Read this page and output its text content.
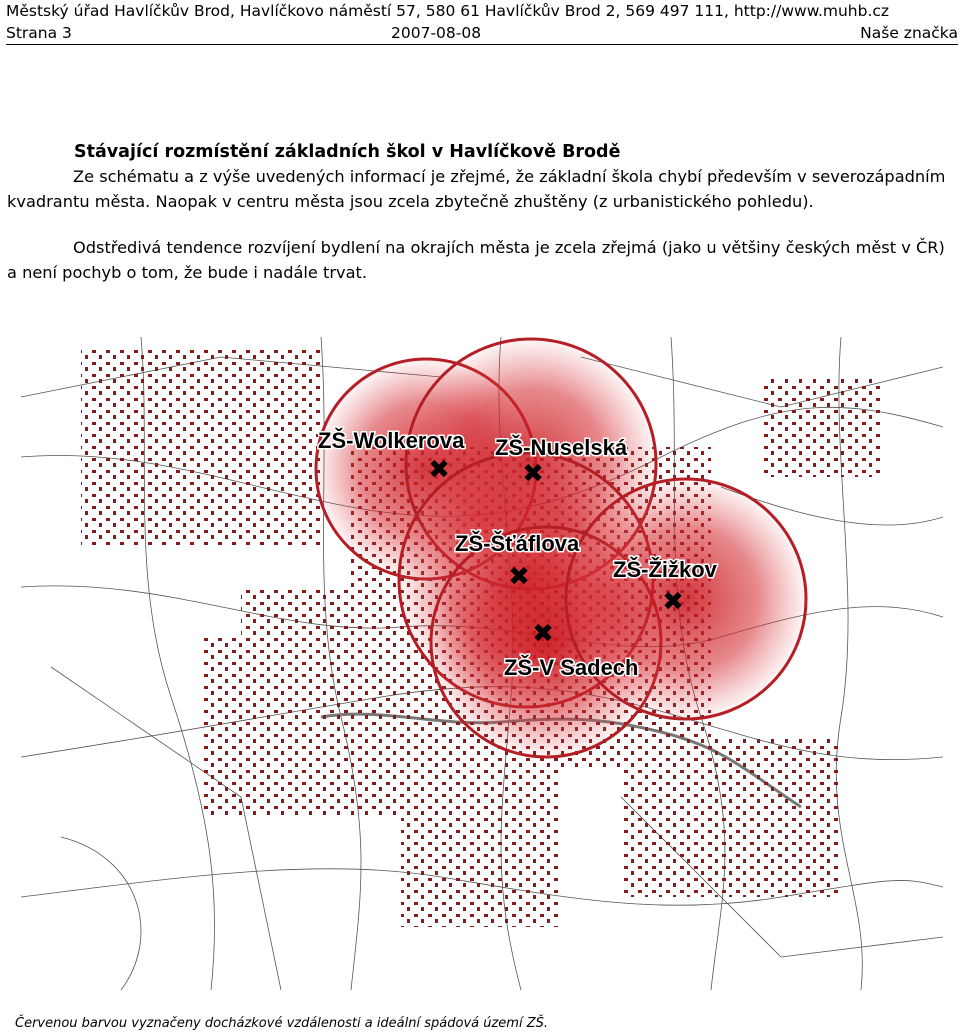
Městský úřad Havlíčkův Brod, Havlíčkovo náměstí 57, 580 61 Havlíčkův Brod 2, 569 497 111, http://www.muhb.cz
Strana 3	2007-08-08	Naše značka
Stávající rozmístění základních škol v Havlíčkově Brodě

Ze schématu a z výše uvedených informací je zřejmé, že základní škola chybí především v severozápadním kvadrantu města. Naopak v centru města jsou zcela zbytečně zhuštěny (z urbanistického pohledu).

Odstředivá tendence rozvíjení bydlení na okrajích města je zcela zřejmá (jako u většiny českých měst v ČR) a není pochyb o tom, že bude i nadále trvat.

✖	✖
✖
✖
✖
ZŠ-Wolkerova ZŠ-Nuselská
ZŠ-Šťáflova
ZŠ-Žižkov
ZŠ-V Sadech

Červenou barvou vyznačeny docházkové vzdálenosti a ideální spádová území ZŠ.
